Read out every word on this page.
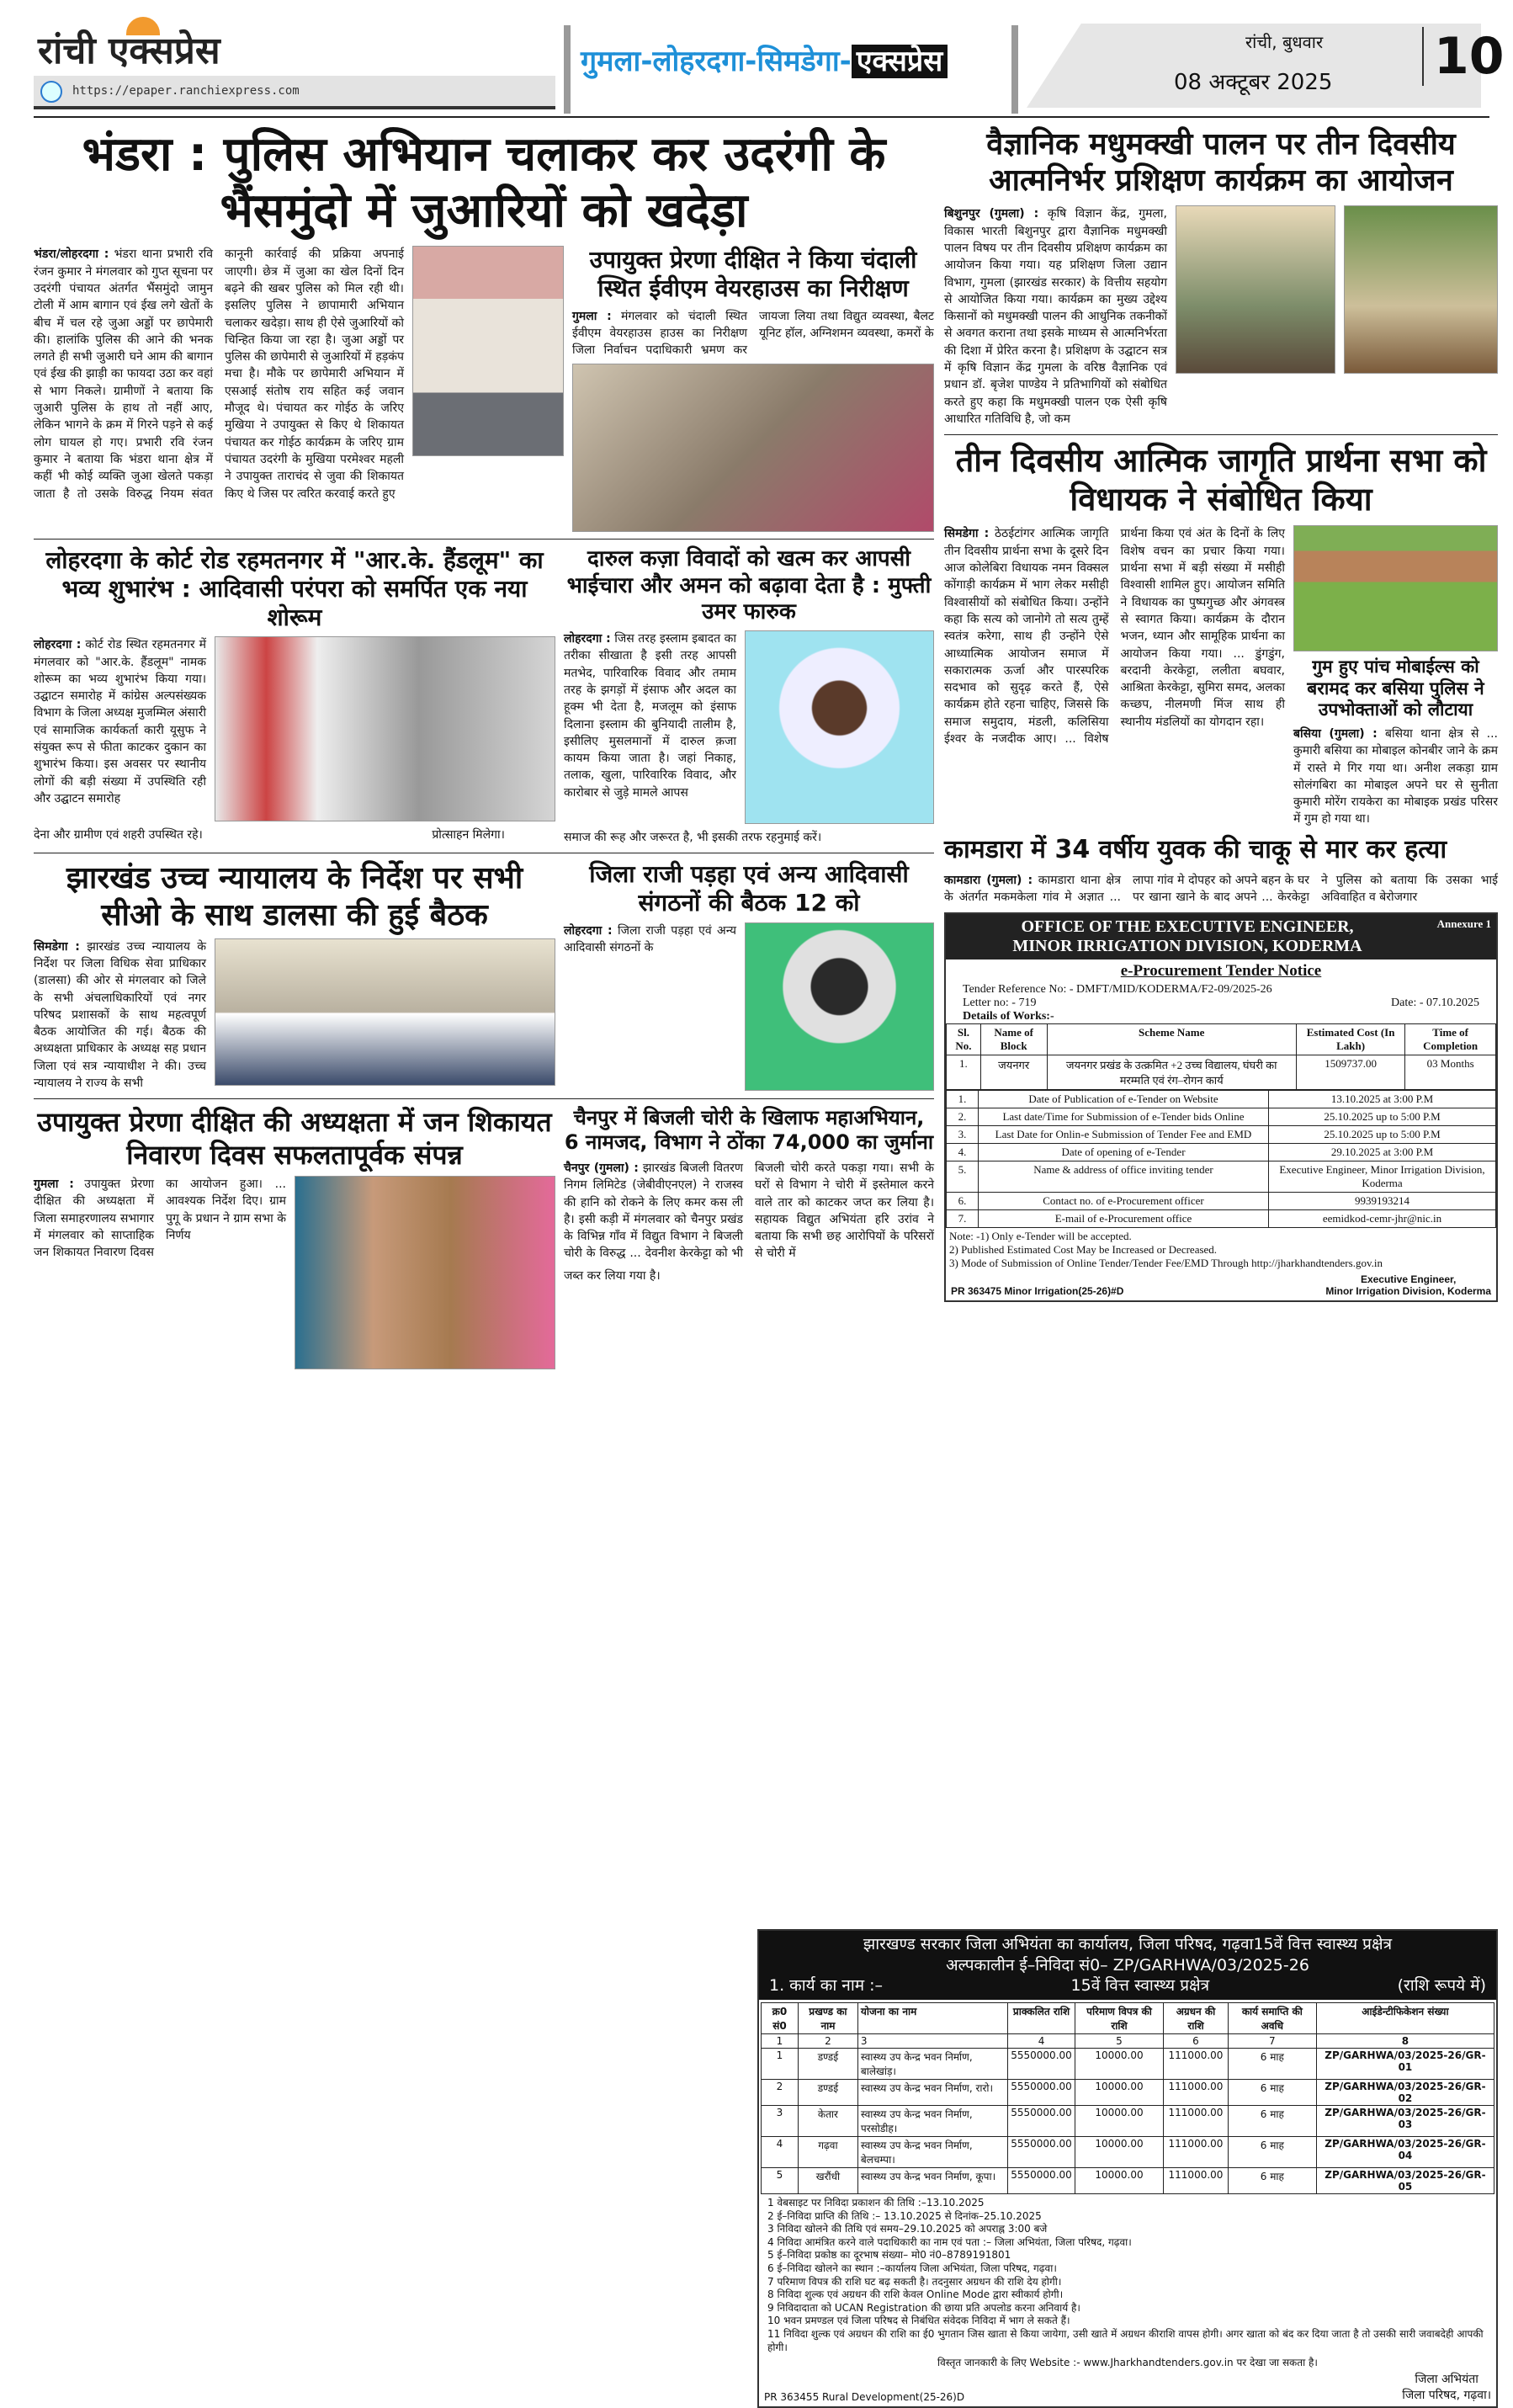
रांची एक्सप्रेस
https://epaper.ranchiexpress.com
गुमला-लोहरदगा-सिमडेगा- एक्सप्रेस
रांची, बुधवार
08 अक्टूबर 2025 10
भंडरा : पुलिस अभियान चलाकर कर उदरंगी के भैंसमुंदो में जुआरियों को खदेड़ा
भंडरा/लोहरदगा : भंडरा थाना प्रभारी रवि रंजन कुमार ने मंगलवार को गुप्त सूचना पर उदरंगी पंचायत अंतर्गत भैंसमुंदो जामुन टोली में आम बागान एवं ईख लगे खेतों के बीच में चल रहे जुआ अड्डों पर छापेमारी की। हालांकि पुलिस की आने की भनक लगते ही सभी जुआरी घने आम की बागान एवं ईख की झाड़ी का फायदा उठा कर वहां से भाग निकले। ग्रामीणों ने बताया कि जुआरी पुलिस के हाथ तो नहीं आए, लेकिन भागने के क्रम में गिरने पड़ने से कई लोग घायल हो गए। प्रभारी रवि रंजन कुमार ने बताया कि भंडरा थाना क्षेत्र में कहीं भी कोई व्यक्ति जुआ खेलते पकड़ा जाता है तो उसके विरुद्ध नियम संवत कानूनी कार्रवाई की प्रक्रिया अपनाई जाएगी। छेत्र में जुआ का खेल दिनों दिन बढ़ने की खबर पुलिस को मिल रही थी। इसलिए पुलिस ने छापामारी अभियान चलाकर खदेड़ा। साथ ही ऐसे जुआरियों को चिन्हित किया जा रहा है। जुआ अड्डों पर पुलिस की छापेमारी से जुआरियों में हड़कंप मचा है। मौके पर छापेमारी अभियान में एसआई संतोष राय सहित कई जवान मौजूद थे। पंचायत कर गोईठ के जरिए मुखिया ने उपायुक्त से किए थे शिकायत पंचायत कर गोईठ कार्यक्रम के जरिए ग्राम पंचायत उदरंगी के मुखिया परमेश्वर महली ने उपायुक्त ताराचंद से जुवा की शिकायत किए थे जिस पर त्वरित करवाई करते हुए
उपायुक्त प्रेरणा दीक्षित ने किया चंदाली स्थित ईवीएम वेयरहाउस का निरीक्षण
गुमला : मंगलवार को चंदाली स्थित ईवीएम वेयरहाउस हाउस का निरीक्षण जिला निर्वाचन पदाधिकारी भ्रमण कर जायजा लिया तथा विद्युत व्यवस्था, बैलट यूनिट हॉल, अग्निशमन व्यवस्था, कमरों के
लोहरदगा के कोर्ट रोड रहमतनगर में "आर.के. हैंडलूम" का भव्य शुभारंभ : आदिवासी परंपरा को समर्पित एक नया शोरूम
लोहरदगा : कोर्ट रोड स्थित रहमतनगर में मंगलवार को "आर.के. हैंडलूम" नामक शोरूम का भव्य शुभारंभ किया गया। उद्घाटन समारोह में कांग्रेस अल्पसंख्यक विभाग के जिला अध्यक्ष मुजम्मिल अंसारी एवं सामाजिक कार्यकर्ता कारी यूसुफ ने संयुक्त रूप से फीता काटकर दुकान का शुभारंभ किया। इस अवसर पर स्थानीय लोगों की बड़ी संख्या में उपस्थिति रही और उद्घाटन समारोह
देना और ग्रामीण एवं शहरी उपस्थित रहे।	प्रोत्साहन मिलेगा।
दारुल कज़ा विवादों को खत्म कर आपसी भाईचारा और अमन को बढ़ावा देता है : मुफ्ती उमर फारुक
लोहरदगा : जिस तरह इस्लाम इबादत का तरीका सीखाता है इसी तरह आपसी मतभेद, पारिवारिक विवाद और तमाम तरह के झगड़ों में इंसाफ और अदल का हूक्म भी देता है, मजलूम को इंसाफ दिलाना इस्लाम की बुनियादी तालीम है, इसीलिए मुसलमानों में दारुल क़जा कायम किया जाता है। जहां निकाह, तलाक, खुला, पारिवारिक विवाद, और कारोबार से जुड़े मामले आपस
समाज की रूह और जरूरत है, भी इसकी तरफ रहनुमाई करें।
झारखंड उच्च न्यायालय के निर्देश पर सभी सीओ के साथ डालसा की हुई बैठक
सिमडेगा : झारखंड उच्च न्यायालय के निर्देश पर जिला विधिक सेवा प्राधिकार (डालसा) की ओर से मंगलवार को जिले के सभी अंचलाधिकारियों एवं नगर परिषद प्रशासकों के साथ महत्वपूर्ण बैठक आयोजित की गई। बैठक की अध्यक्षता प्राधिकार के अध्यक्ष सह प्रधान जिला एवं सत्र न्यायाधीश ने की। उच्च न्यायालय ने राज्य के सभी
जिला राजी पड़हा एवं अन्य आदिवासी संगठनों की बैठक 12 को
लोहरदगा : जिला राजी पड़हा एवं अन्य आदिवासी संगठनों के
उपायुक्त प्रेरणा दीक्षित की अध्यक्षता में जन शिकायत निवारण दिवस सफलतापूर्वक संपन्न
गुमला : उपायुक्त प्रेरणा दीक्षित की अध्यक्षता में जिला समाहरणालय सभागार में मंगलवार को साप्ताहिक जन शिकायत निवारण दिवस का आयोजन हुआ। ... आवश्यक निर्देश दिए। ग्राम पुगू के प्रधान ने ग्राम सभा के निर्णय
चैनपुर में बिजली चोरी के खिलाफ महाअभियान, 6 नामजद, विभाग ने ठोंका 74,000 का जुर्माना
चैनपुर (गुमला) : झारखंड बिजली वितरण निगम लिमिटेड (जेबीवीएनएल) ने राजस्व की हानि को रोकने के लिए कमर कस ली है। इसी कड़ी में मंगलवार को चैनपुर प्रखंड के विभिन्न गाँव में विद्युत विभाग ने बिजली चोरी के विरुद्ध ... देवनीश केरकेट्टा को भी बिजली चोरी करते पकड़ा गया। सभी के घरों से विभाग ने चोरी में इस्तेमाल करने वाले तार को काटकर जप्त कर लिया है। सहायक विद्युत अभियंता हरि उरांव ने बताया कि सभी छह आरोपियों के परिसरों से चोरी में
जब्त कर लिया गया है।
वैज्ञानिक मधुमक्खी पालन पर तीन दिवसीय आत्मनिर्भर प्रशिक्षण कार्यक्रम का आयोजन
बिशुनपुर (गुमला) : कृषि विज्ञान केंद्र, गुमला, विकास भारती बिशुनपुर द्वारा वैज्ञानिक मधुमक्खी पालन विषय पर तीन दिवसीय प्रशिक्षण कार्यक्रम का आयोजन किया गया। यह प्रशिक्षण जिला उद्यान विभाग, गुमला (झारखंड सरकार) के वित्तीय सहयोग से आयोजित किया गया। कार्यक्रम का मुख्य उद्देश्य किसानों को मधुमक्खी पालन की आधुनिक तकनीकों से अवगत कराना तथा इसके माध्यम से आत्मनिर्भरता की दिशा में प्रेरित करना है। प्रशिक्षण के उद्घाटन सत्र में कृषि विज्ञान केंद्र गुमला के वरिष्ठ वैज्ञानिक एवं प्रधान डॉ. बृजेश पाण्डेय ने प्रतिभागियों को संबोधित करते हुए कहा कि मधुमक्खी पालन एक ऐसी कृषि आधारित गतिविधि है, जो कम
तीन दिवसीय आत्मिक जागृति प्रार्थना सभा को विधायक ने संबोधित किया
सिमडेगा : ठेठईटांगर आत्मिक जागृति तीन दिवसीय प्रार्थना सभा के दूसरे दिन आज कोलेबिरा विधायक नमन विक्सल कोंगाड़ी कार्यक्रम में भाग लेकर मसीही विश्वासीयों को संबोधित किया। उन्होंने कहा कि सत्य को जानोगे तो सत्य तुम्हें स्वतंत्र करेगा, साथ ही उन्होंने ऐसे आध्यात्मिक आयोजन समाज में सकारात्मक ऊर्जा और पारस्परिक सदभाव को सुदृढ़ करते हैं, ऐसे कार्यक्रम होते रहना चाहिए, जिससे कि समाज समुदाय, मंडली, कलिसिया ईश्वर के नजदीक आए। ... विशेष प्रार्थना किया एवं अंत के दिनों के लिए विशेष वचन का प्रचार किया गया। प्रार्थना सभा में बड़ी संख्या में मसीही विश्वासी शामिल हुए। आयोजन समिति ने विधायक का पुष्पगुच्छ और अंगवस्त्र से स्वागत किया। कार्यक्रम के दौरान भजन, ध्यान और सामूहिक प्रार्थना का आयोजन किया गया। ... डुंगडुंग, बरदानी केरकेट्टा, ललीता बघवार, आश्रिता केरकेट्टा, सुमिरा समद, अलका कच्छप, नीलमणी मिंज साथ ही स्थानीय मंडलियों का योगदान रहा।
गुम हुए पांच मोबाईल्स को बरामद कर बसिया पुलिस ने उपभोक्ताओं को लौटाया
बसिया (गुमला) : बसिया थाना क्षेत्र से ... कुमारी बसिया का मोबाइल कोनबीर जाने के क्रम में रास्ते मे गिर गया था। अनीश लकड़ा ग्राम सोलंगबिरा का मोबाइल अपने घर से सुनीता कुमारी मोरेंग रायकेरा का मोबाइक प्रखंड परिसर में गुम हो गया था।
कामडारा में 34 वर्षीय युवक की चाकू से मार कर हत्या
कामडारा (गुमला) : कामडारा थाना क्षेत्र के अंतर्गत मकमकेला गांव मे अज्ञात ... लापा गांव मे दोपहर को अपने बहन के घर पर खाना खाने के बाद अपने ... केरकेट्टा ने पुलिस को बताया कि उसका भाई अविवाहित व बेरोजगार
OFFICE OF THE EXECUTIVE ENGINEER,
MINOR IRRIGATION DIVISION, KODERMA
Annexure 1
e-Procurement Tender Notice
Tender Reference No: - DMFT/MID/KODERMA/F2-09/2025-26
Letter no: - 719	Date: - 07.10.2025
Details of Works:-
Sl. No.	Name of Block	Scheme Name	Estimated Cost (In Lakh)	Time of Completion
1.	जयनगर	जयनगर प्रखंड के उत्क्रमित +2 उच्च विद्यालय, घंघरी का मरम्मति एवं रंग–रोगन कार्य	1509737.00	03 Months
1.	Date of Publication of e-Tender on Website	13.10.2025 at 3:00 P.M
2.	Last date/Time for Submission of e-Tender bids Online	25.10.2025 up to 5:00 P.M
3.	Last Date for Onlin-e Submission of Tender Fee and EMD	25.10.2025 up to 5:00 P.M
4.	Date of opening of e-Tender	29.10.2025 at 3:00 P.M
5.	Name & address of office inviting tender	Executive Engineer, Minor Irrigation Division, Koderma
6.	Contact no. of e-Procurement officer	9939193214
7.	E-mail of e-Procurement office	eemidkod-cemr-jhr@nic.in
Note: -1) Only e-Tender will be accepted.
2) Published Estimated Cost May be Increased or Decreased.
3) Mode of Submission of Online Tender/Tender Fee/EMD Through http://jharkhandtenders.gov.in
PR 363475 Minor Irrigation(25-26)#D
Executive Engineer,
Minor Irrigation Division, Koderma
झारखण्ड सरकार जिला अभियंता का कार्यालय, जिला परिषद, गढ़वा15वें वित्त स्वास्थ्य प्रक्षेत्र
अल्पकालीन ई–निविदा सं0– ZP/GARHWA/03/2025-26
1. कार्य का नाम :–	15वें वित्त स्वास्थ्य प्रक्षेत्र	(राशि रूपये में)
क्र0 सं0	प्रखण्ड का नाम	योजना का नाम	प्राक्कलित राशि	परिमाण विपत्र की राशि	अग्रधन की राशि	कार्य समाप्ति की अवधि	आईडेन्टीफिकेशन संख्या
1	2	3	4	5	6	7	8
1	डण्डई	स्वास्थ्य उप केन्द्र भवन निर्माण, बालेखांड़।	5550000.00	10000.00	111000.00	6 माह	ZP/GARHWA/03/2025-26/GR-01
2	डण्डई	स्वास्थ्य उप केन्द्र भवन निर्माण, रारो।	5550000.00	10000.00	111000.00	6 माह	ZP/GARHWA/03/2025-26/GR-02
3	केतार	स्वास्थ्य उप केन्द्र भवन निर्माण, परसोडीह।	5550000.00	10000.00	111000.00	6 माह	ZP/GARHWA/03/2025-26/GR-03
4	गढ़वा	स्वास्थ्य उप केन्द्र भवन निर्माण, बेलचम्पा।	5550000.00	10000.00	111000.00	6 माह	ZP/GARHWA/03/2025-26/GR-04
5	खरौंधी	स्वास्थ्य उप केन्द्र भवन निर्माण, कूपा।	5550000.00	10000.00	111000.00	6 माह	ZP/GARHWA/03/2025-26/GR-05
1 वेबसाइट पर निविदा प्रकाशन की तिथि :–13.10.2025
2 ई–निविदा प्राप्ति की तिथि :– 13.10.2025 से दिनांक–25.10.2025
3 निविदा खोलने की तिथि एवं समय–29.10.2025 को अपराह्न 3:00 बजे
4 निविदा आमंत्रित करने वाले पदाधिकारी का नाम एवं पता :– जिला अभियंता, जिला परिषद, गढ़वा।
5 ई–निविदा प्रकोष्ठ का दूरभाष संख्या– मो0 नं0–8789191801
6 ई–निविदा खोलने का स्थान :–कार्यालय जिला अभियंता, जिला परिषद, गढ़वा।
7 परिमाण विपत्र की राशि घट बढ़ सकती है। तदनुसार अग्रधन की राशि देय होगी।
8 निविदा शुल्क एवं अग्रधन की राशि केवल Online Mode द्वारा स्वीकार्य होगी।
9 निविदादाता को UCAN Registration की छाया प्रति अपलोड करना अनिवार्य है।
10 भवन प्रमण्डल एवं जिला परिषद से निबंधित संवेदक निविदा में भाग ले सकते हैं।
11 निविदा शुल्क एवं अग्रधन की राशि का ई0 भुगतान जिस खाता से किया जायेगा, उसी खाते में अग्रधन कीराशि वापस होगी। अगर खाता को बंद कर दिया जाता है तो उसकी सारी जवाबदेही आपकी होगी।
विस्तृत जानकारी के लिए Website :- www.Jharkhandtenders.gov.in पर देखा जा सकता है।
PR 363455 Rural Development(25-26)D
जिला अभियंता
जिला परिषद, गढ़वा।
